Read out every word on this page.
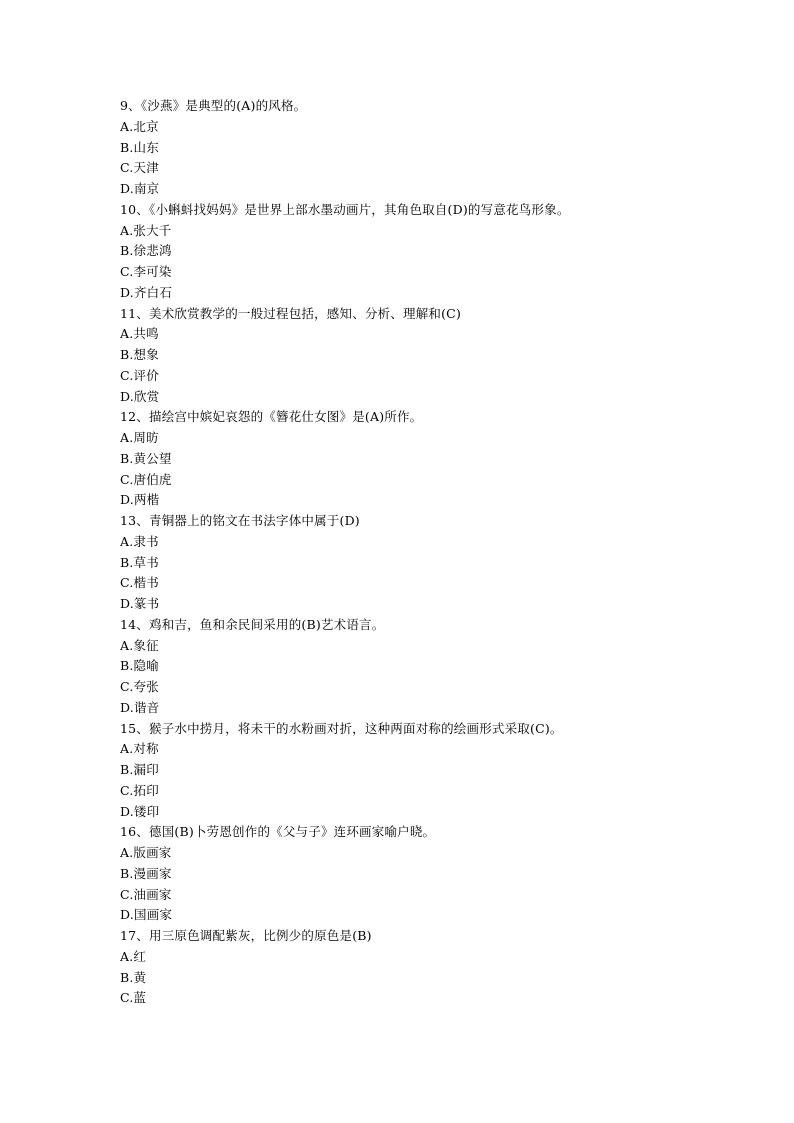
9、《沙燕》是典型的(A)的风格。
A.北京
B.山东
C.天津
D.南京
10、《小蝌蚪找妈妈》是世界上部水墨动画片，其角色取自(D)的写意花鸟形象。
A.张大千
B.徐悲鸿
C.李可染
D.齐白石
11、美术欣赏教学的一般过程包括，感知、分析、理解和(C)
A.共鸣
B.想象
C.评价
D.欣赏
12、描绘宫中嫔妃哀怨的《簪花仕女图》是(A)所作。
A.周昉
B.黄公望
C.唐伯虎
D.两楷
13、青铜器上的铭文在书法字体中属于(D)
A.隶书
B.草书
C.楷书
D.篆书
14、鸡和吉，鱼和余民间采用的(B)艺术语言。
A.象征
B.隐喻
C.夸张
D.谐音
15、猴子水中捞月，将未干的水粉画对折，这种两面对称的绘画形式采取(C)。
A.对称
B.漏印
C.拓印
D.镂印
16、德国(B)卜劳恩创作的《父与子》连环画家喻户晓。
A.版画家
B.漫画家
C.油画家
D.国画家
17、用三原色调配紫灰，比例少的原色是(B)
A.红
B.黄
C.蓝
